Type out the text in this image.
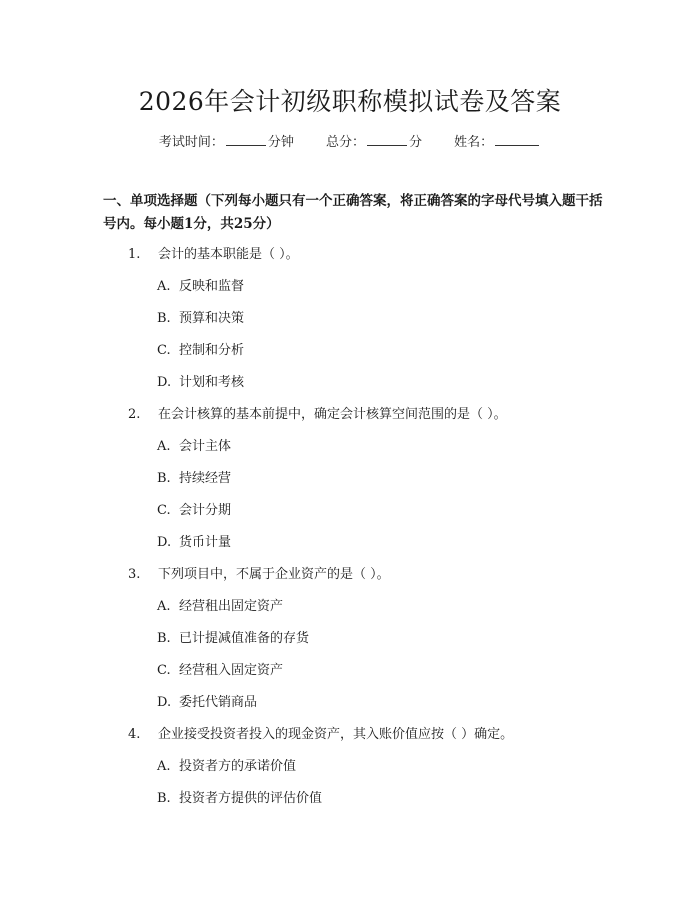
2026年会计初级职称模拟试卷及答案
考试时间：	分钟 总分：	分 姓名：
一、单项选择题（下列每小题只有一个正确答案，将正确答案的字母代号填入题干括号内。每小题1分，共25分）
1. 会计的基本职能是（ ）。
A. 反映和监督
B. 预算和决策
C. 控制和分析
D. 计划和考核
2. 在会计核算的基本前提中，确定会计核算空间范围的是（ ）。
A. 会计主体
B. 持续经营
C. 会计分期
D. 货币计量
3. 下列项目中，不属于企业资产的是（ ）。
A. 经营租出固定资产
B. 已计提减值准备的存货
C. 经营租入固定资产
D. 委托代销商品
4. 企业接受投资者投入的现金资产，其入账价值应按（ ）确定。
A. 投资者方的承诺价值
B. 投资者方提供的评估价值
